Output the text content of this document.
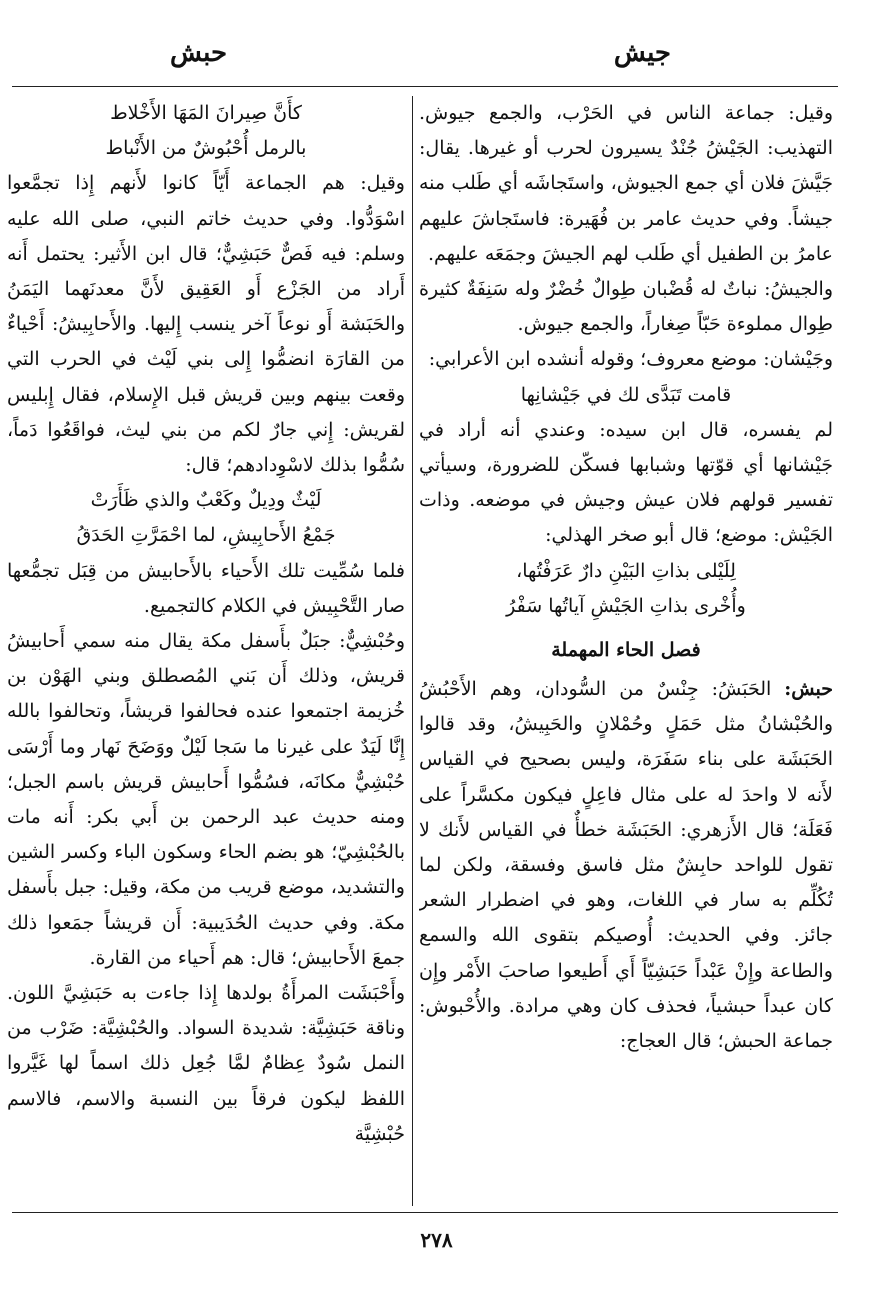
جيش
حبش

وقيل: جماعة الناس في الحَرْب، والجمع جيوش. التهذيب: الجَيْشُ جُنْدٌ يسيرون لحرب أو غيرها. يقال: جَيَّشَ فلان أي جمع الجيوش، واستَجاشَه أي طَلب منه جيشاً. وفي حديث عامر بن فُهَيرة: فاستَجاشَ عليهم عامرُ بن الطفيل أي طَلب لهم الجيشَ وجمَعَه عليهم.

والجيشُ: نباتٌ له قُضْبان طِوالٌ خُضْرٌ وله سَنِفَةٌ كثيرة طِوال مملوءة حَبّاً صِغاراً، والجمع جيوش.

وجَيْشان: موضع معروف؛ وقوله أنشده ابن الأعرابي:

قامت تَبَدَّى لك في جَيْشانِها

لم يفسره، قال ابن سيده: وعندي أنه أراد في جَيْشانها أي قوّتها وشبابها فسكّن للضرورة، وسيأتي تفسير قولهم فلان عيش وجيش في موضعه. وذات الجَيْش: موضع؛ قال أبو صخر الهذلي:

لِلَيْلى بذاتِ البَيْنِ دارٌ عَرَفْتُها،

وأُخْرى بذاتِ الجَيْشِ آياتُها سَفْرُ

فصل الحاء المهملة

حبش: الحَبَشُ: جِنْسٌ من السُّودان، وهم الأَحْبُشُ والحُبْشانُ مثل حَمَلٍ وحُمْلانٍ والحَبِيشُ، وقد قالوا الحَبَشَة على بناء سَفَرَة، وليس بصحيح في القياس لأَنه لا واحدَ له على مثال فاعِلٍ فيكون مكسَّراً على فَعَلَة؛ قال الأَزهري: الحَبَشَة خطأٌ في القياس لأَنك لا تقول للواحد حابِشٌ مثل فاسق وفسقة، ولكن لما تُكُلِّم به سار في اللغات، وهو في اضطرار الشعر جائز. وفي الحديث: أُوصيكم بتقوى الله والسمع والطاعة وإِنْ عَبْداً حَبَشِيّاً أَي أَطيعوا صاحبَ الأَمْر وإِن كان عبداً حبشياً، فحذف كان وهي مرادة. والأُحْبوش: جماعة الحبش؛ قال العجاج:

كأَنَّ صِيرانَ المَهَا الأَخْلاط

بالرمل أُحْبُوشٌ من الأَنْباط

وقيل: هم الجماعة أَيّاً كانوا لأَنهم إِذا تجمَّعوا اسْوَدُّوا. وفي حديث خاتم النبي، صلى الله عليه وسلم: فيه فَصٌّ حَبَشِيٌّ؛ قال ابن الأَثير: يحتمل أَنه أَراد من الجَزْع أَو العَقِيق لأَنَّ معدنَهما اليَمَنُ والحَبَشة أَو نوعاً آخر ينسب إِليها. والأَحابِيشُ: أَحْياءٌ من القارَة انضمُّوا إِلى بني لَيْث في الحرب التي وقعت بينهم وبين قريش قبل الإِسلام، فقال إِبليس لقريش: إِني جارٌ لكم من بني ليث، فواقَعُوا دَماً، سُمُّوا بذلك لاسْوِدادهم؛ قال:

لَيْثٌ ودِيلٌ وكَعْبٌ والذي ظَأَرَتْ

جَمْعُ الأَحابِيشِ، لما احْمَرَّتِ الحَدَقُ

فلما سُمِّيت تلك الأَحياء بالأَحابيش من قِبَل تجمُّعها صار التَّحْبِيش في الكلام كالتجميع.

وحُبْشِيٌّ: جبَلٌ بأَسفل مكة يقال منه سمي أَحابيشُ قريش، وذلك أَن بَني المُصطلق وبني الهَوْن بن خُزيمة اجتمعوا عنده فحالفوا قريشاً، وتحالفوا بالله إِنَّا لَيَدٌ على غيرنا ما سَجا لَيْلٌ ووَضَحَ نَهار وما أَرْسَى حُبْشِيٌّ مكانَه، فسُمُّوا أَحابيش قريش باسم الجبل؛ ومنه حديث عبد الرحمن بن أَبي بكر: أَنه مات بالحُبْشِيّ؛ هو بضم الحاء وسكون الباء وكسر الشين والتشديد، موضع قريب من مكة، وقيل: جبل بأَسفل مكة. وفي حديث الحُدَيبية: أَن قريشاً جمَعوا ذلك جمعَ الأَحابيش؛ قال: هم أَحياء من القارة.

وأَحْبَشَت المرأَةُ بولدها إِذا جاءت به حَبَشِيَّ اللون. وناقة حَبَشِيَّة: شديدة السواد. والحُبْشِيَّة: ضَرْب من النمل سُودٌ عِظامٌ لمَّا جُعِل ذلك اسماً لها غَيَّروا اللفظ ليكون فرقاً بين النسبة والاسم، فالاسم حُبْشِيَّة

٢٧٨
